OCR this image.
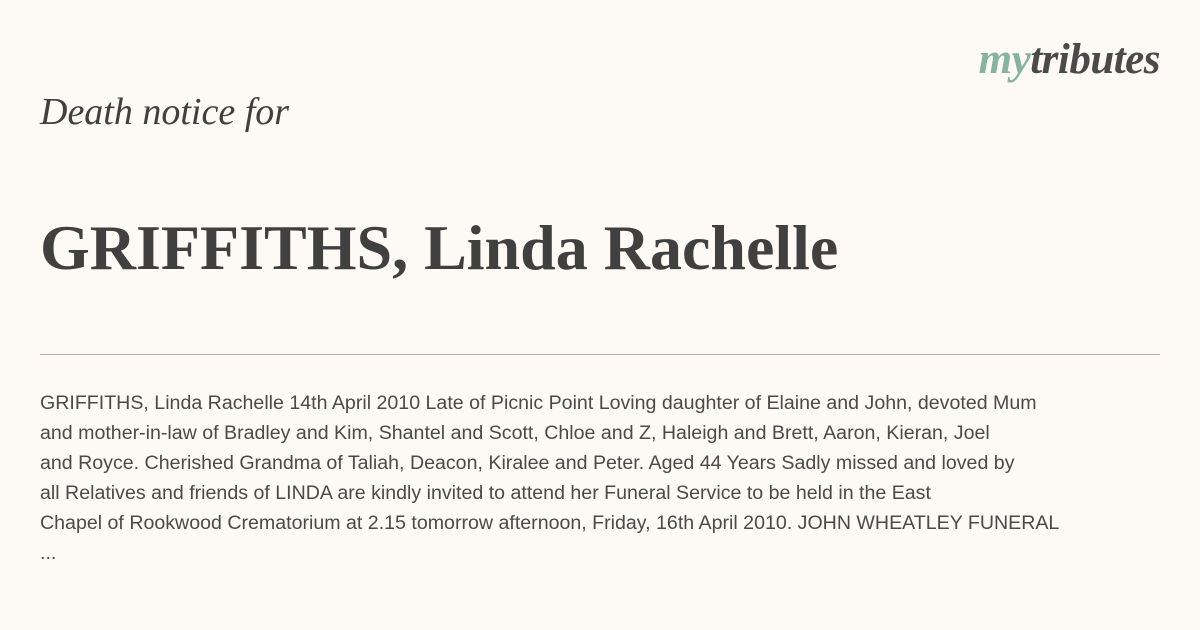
mytributes
Death notice for
GRIFFITHS, Linda Rachelle

GRIFFITHS, Linda Rachelle 14th April 2010 Late of Picnic Point Loving daughter of Elaine and John, devoted Mum
and mother-in-law of Bradley and Kim, Shantel and Scott, Chloe and Z, Haleigh and Brett, Aaron, Kieran, Joel
and Royce. Cherished Grandma of Taliah, Deacon, Kiralee and Peter. Aged 44 Years Sadly missed and loved by
all Relatives and friends of LINDA are kindly invited to attend her Funeral Service to be held in the East
Chapel of Rookwood Crematorium at 2.15 tomorrow afternoon, Friday, 16th April 2010. JOHN WHEATLEY FUNERAL

...
